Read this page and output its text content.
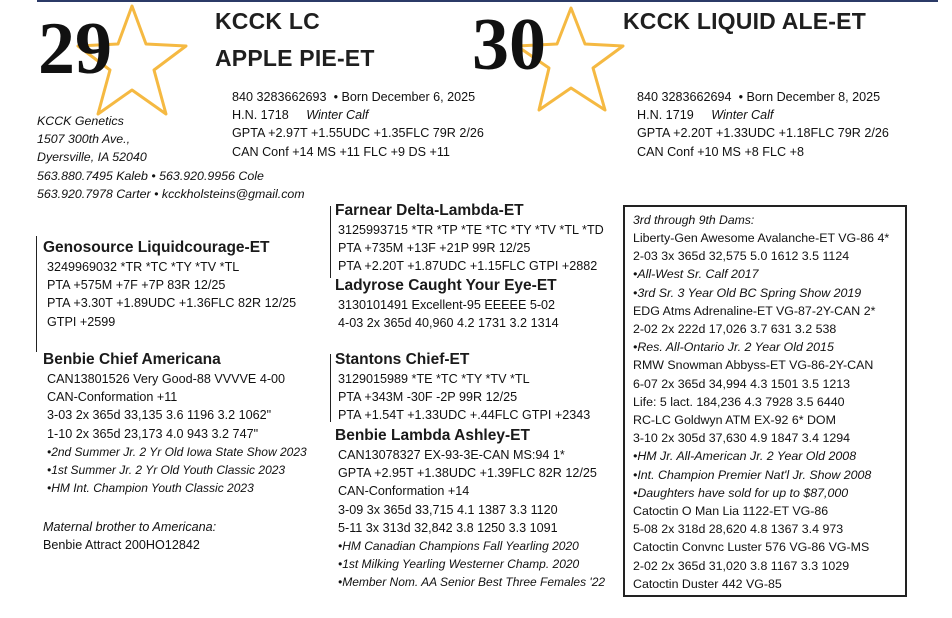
29	KCCK LC
APPLE PIE-ET
840 3283662693 • Born December 6, 2025
H.N. 1718 Winter Calf
GPTA +2.97T +1.55UDC +1.35FLC 79R 2/26
CAN Conf +14 MS +11 FLC +9 DS +11
30	KCCK LIQUID ALE-ET
840 3283662694 • Born December 8, 2025
H.N. 1719 Winter Calf
GPTA +2.20T +1.33UDC +1.18FLC 79R 2/26
CAN Conf +10 MS +8 FLC +8
KCCK Genetics
1507 300th Ave.,
Dyersville, IA 52040
563.880.7495 Kaleb • 563.920.9956 Cole
563.920.7978 Carter • kcckholsteins@gmail.com
Genosource Liquidcourage-ET
3249969032 *TR *TC *TY *TV *TL
PTA +575M +7F +7P 83R 12/25
PTA +3.30T +1.89UDC +1.36FLC 82R 12/25
GTPI +2599
Benbie Chief Americana
CAN13801526 Very Good-88 VVVVE 4-00
CAN-Conformation +11
3-03 2x 365d 33,135 3.6 1196 3.2 1062"
1-10 2x 365d 23,173 4.0 943 3.2 747"
•2nd Summer Jr. 2 Yr Old Iowa State Show 2023
•1st Summer Jr. 2 Yr Old Youth Classic 2023
•HM Int. Champion Youth Classic 2023
Maternal brother to Americana:
Benbie Attract 200HO12842
Farnear Delta-Lambda-ET
3125993715 *TR *TP *TE *TC *TY *TV *TL *TD
PTA +735M +13F +21P 99R 12/25
PTA +2.20T +1.87UDC +1.15FLC GTPI +2882
Ladyrose Caught Your Eye-ET
3130101491 Excellent-95 EEEEE 5-02
4-03 2x 365d 40,960 4.2 1731 3.2 1314
Stantons Chief-ET
3129015989 *TE *TC *TY *TV *TL
PTA +343M -30F -2P 99R 12/25
PTA +1.54T +1.33UDC +.44FLC GTPI +2343
Benbie Lambda Ashley-ET
CAN13078327 EX-93-3E-CAN MS:94 1*
GPTA +2.95T +1.38UDC +1.39FLC 82R 12/25
CAN-Conformation +14
3-09 3x 365d 33,715 4.1 1387 3.3 1120
5-11 3x 313d 32,842 3.8 1250 3.3 1091
•HM Canadian Champions Fall Yearling 2020
•1st Milking Yearling Westerner Champ. 2020
•Member Nom. AA Senior Best Three Females '22
3rd through 9th Dams:
Liberty-Gen Awesome Avalanche-ET VG-86 4*
2-03 3x 365d 32,575 5.0 1612 3.5 1124
•All-West Sr. Calf 2017
•3rd Sr. 3 Year Old BC Spring Show 2019
EDG Atms Adrenaline-ET VG-87-2Y-CAN 2*
2-02 2x 222d 17,026 3.7 631 3.2 538
•Res. All-Ontario Jr. 2 Year Old 2015
RMW Snowman Abbyss-ET VG-86-2Y-CAN
6-07 2x 365d 34,994 4.3 1501 3.5 1213
Life: 5 lact. 184,236 4.3 7928 3.5 6440
RC-LC Goldwyn ATM EX-92 6* DOM
3-10 2x 305d 37,630 4.9 1847 3.4 1294
•HM Jr. All-American Jr. 2 Year Old 2008
•Int. Champion Premier Nat'l Jr. Show 2008
•Daughters have sold for up to $87,000
Catoctin O Man Lia 1122-ET VG-86
5-08 2x 318d 28,620 4.8 1367 3.4 973
Catoctin Convnc Luster 576 VG-86 VG-MS
2-02 2x 365d 31,020 3.8 1167 3.3 1029
Catoctin Duster 442 VG-85
